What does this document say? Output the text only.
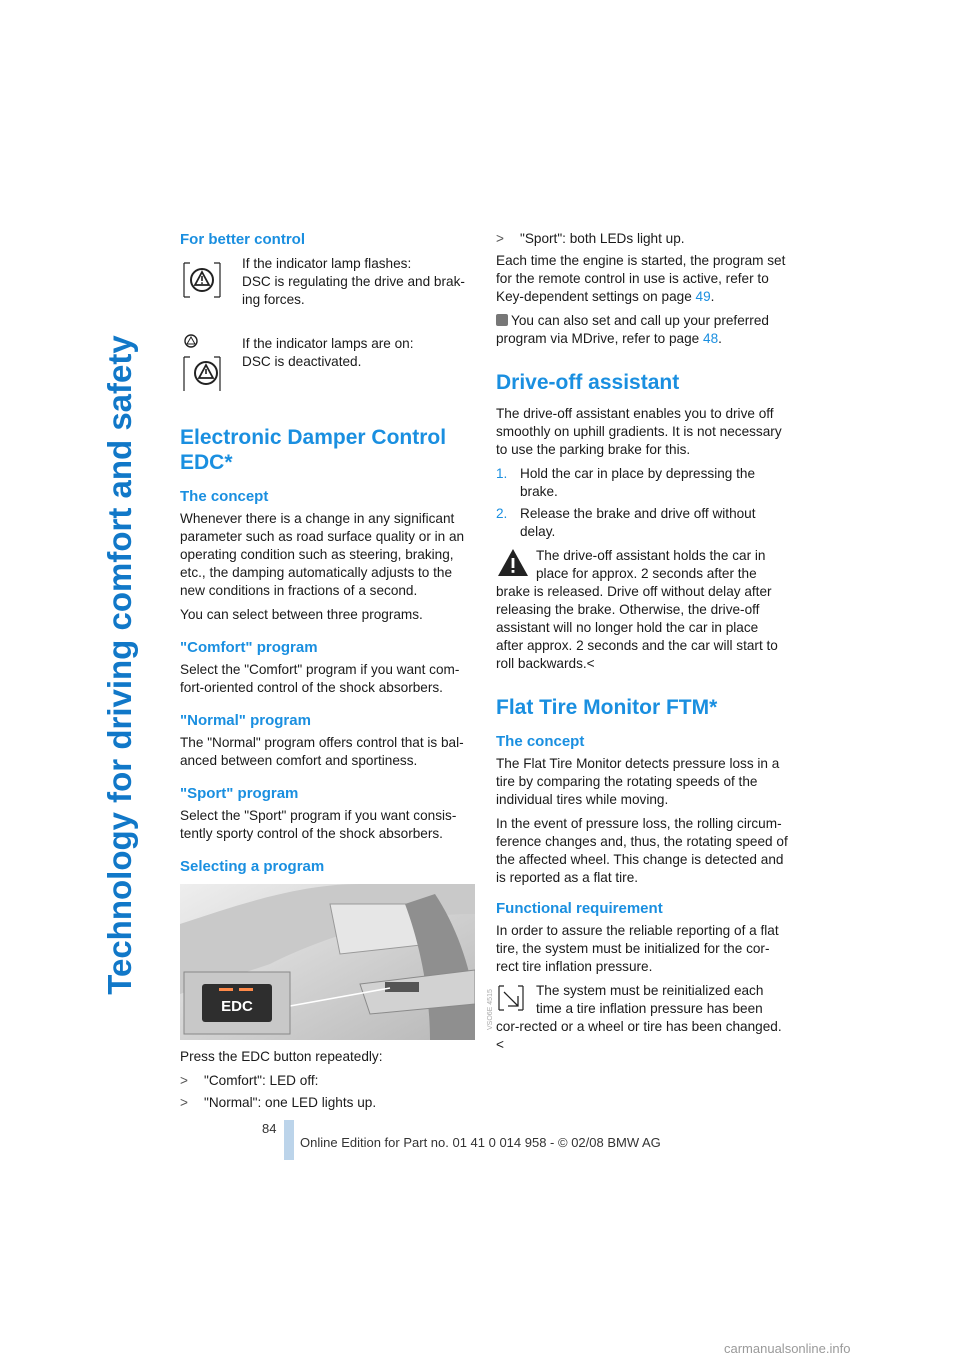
Technology for driving comfort and safety
For better control

If the indicator lamp flashes:

DSC is regulating the drive and brak-ing forces.

If the indicator lamps are on:

DSC is deactivated.

Electronic Damper Control EDC*
The concept

Whenever there is a change in any significant parameter such as road surface quality or in an operating condition such as steering, braking, etc., the damping automatically adjusts to the new conditions in fractions of a second.

You can select between three programs.

"Comfort" program

Select the "Comfort" program if you want com-fort-oriented control of the shock absorbers.

"Normal" program

The "Normal" program offers control that is bal-anced between comfort and sportiness.

"Sport" program

Select the "Sport" program if you want consis-tently sporty control of the shock absorbers.

Selecting a program
EDC

Press the EDC button repeatedly:

> "Comfort": LED off:
> "Normal": one LED lights up.
> "Sport": both LEDs light up.

Each time the engine is started, the program set for the remote control in use is active, refer to Key-dependent settings on page 49.

You can also set and call up your preferred program via MDrive, refer to page 48.

Drive-off assistant

The drive-off assistant enables you to drive off smoothly on uphill gradients. It is not necessary to use the parking brake for this.

1. Hold the car in place by depressing the brake.
2. Release the brake and drive off without delay.

The drive-off assistant holds the car in place for approx. 2 seconds after the brake is released. Drive off without delay after releasing the brake. Otherwise, the drive-off assistant will no longer hold the car in place after approx. 2 seconds and the car will start to roll backwards.<

Flat Tire Monitor FTM*
The concept

The Flat Tire Monitor detects pressure loss in a tire by comparing the rotating speeds of the individual tires while moving.

In the event of pressure loss, the rolling circum-ference changes and, thus, the rotating speed of the affected wheel. This change is detected and is reported as a flat tire.

Functional requirement

In order to assure the reliable reporting of a flat tire, the system must be initialized for the cor-rect tire inflation pressure.

The system must be reinitialized each time a tire inflation pressure has been cor-rected or a wheel or tire has been changed.<

VSO6E 4515
84
Online Edition for Part no. 01 41 0 014 958 - © 02/08 BMW AG
carmanualsonline.info
